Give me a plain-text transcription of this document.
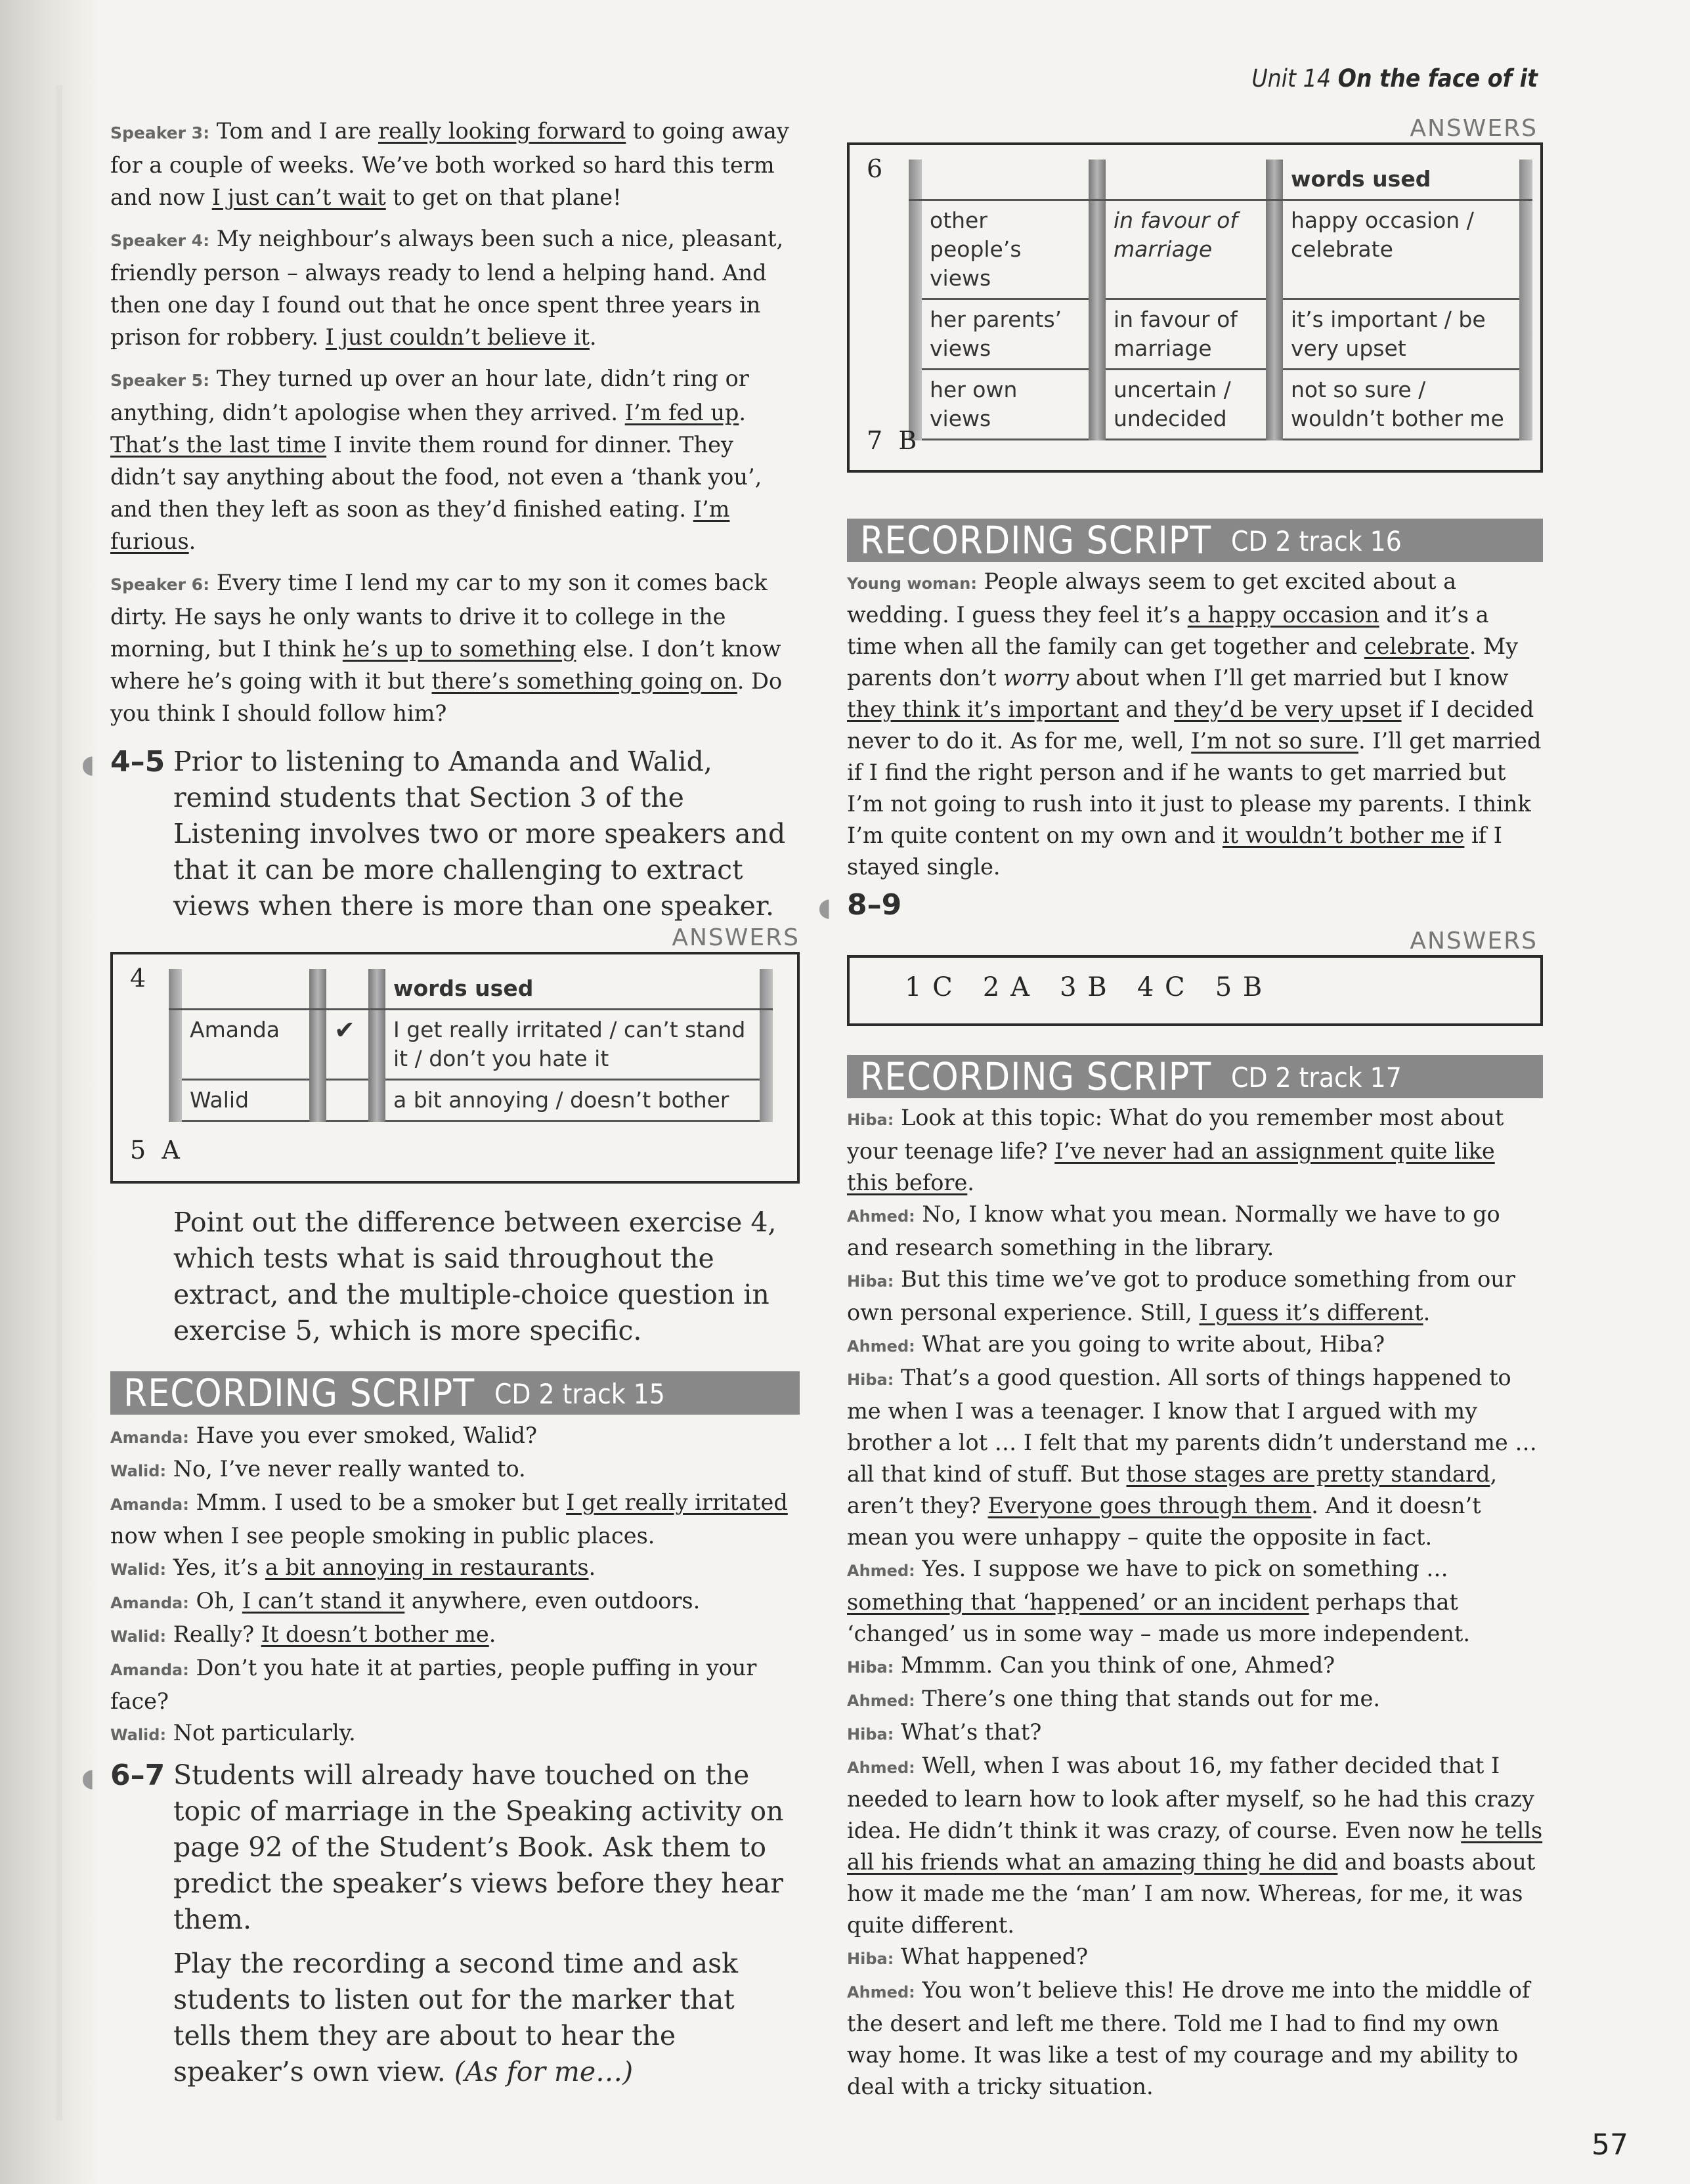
Unit 14 On the face of it

Speaker 3: Tom and I are really looking forward to going away for a couple of weeks. We’ve both worked so hard this term and now I just can’t wait to get on that plane!

Speaker 4: My neighbour’s always been such a nice, pleasant, friendly person – always ready to lend a helping hand. And then one day I found out that he once spent three years in prison for robbery. I just couldn’t believe it.

Speaker 5: They turned up over an hour late, didn’t ring or anything, didn’t apologise when they arrived. I’m fed up. That’s the last time I invite them round for dinner. They didn’t say anything about the food, not even a ‘thank you’, and then they left as soon as they’d finished eating. I’m furious.

Speaker 6: Every time I lend my car to my son it comes back dirty. He says he only wants to drive it to college in the morning, but I think he’s up to something else. I don’t know where he’s going with it but there’s something going on. Do you think I should follow him?

◖ 4–5 Prior to listening to Amanda and Walid, remind students that Section 3 of the Listening involves two or more speakers and that it can be more challenging to extract views when there is more than one speaker.
ANSWERS
4
						words used	
	Amanda		✔		I get really irritated / can’t stand it / don’t you hate it	
	Walid				a bit annoying / doesn’t bother	
5  A
Point out the difference between exercise 4, which tests what is said throughout the extract, and the multiple-choice question in exercise 5, which is more specific.
RECORDING SCRIPT CD 2 track 15

Amanda: Have you ever smoked, Walid?

Walid: No, I’ve never really wanted to.

Amanda: Mmm. I used to be a smoker but I get really irritated now when I see people smoking in public places.

Walid: Yes, it’s a bit annoying in restaurants.

Amanda: Oh, I can’t stand it anywhere, even outdoors.

Walid: Really? It doesn’t bother me.

Amanda: Don’t you hate it at parties, people puffing in your face?

Walid: Not particularly.

◖ 6–7 Students will already have touched on the topic of marriage in the Speaking activity on page 92 of the Student’s Book. Ask them to predict the speaker’s views before they hear them.
Play the recording a second time and ask students to listen out for the marker that tells them they are about to hear the speaker’s own view. (As for me…)
ANSWERS
6
						words used	
	other people’s views		in favour of marriage		happy occasion / celebrate	
	her parents’ views		in favour of marriage		it’s important / be very upset	
	her own views		uncertain / undecided		not so sure / wouldn’t bother me	
7  B
RECORDING SCRIPT CD 2 track 16

Young woman: People always seem to get excited about a wedding. I guess they feel it’s a happy occasion and it’s a time when all the family can get together and celebrate. My parents don’t worry about when I’ll get married but I know they think it’s important and they’d be very upset if I decided never to do it. As for me, well, I’m not so sure. I’ll get married if I find the right person and if he wants to get married but I’m not going to rush into it just to please my parents. I think I’m quite content on my own and it wouldn’t bother me if I stayed single.

◖ 8–9
ANSWERS
1 C   2 A   3 B   4 C   5 B
RECORDING SCRIPT CD 2 track 17

Hiba: Look at this topic: What do you remember most about your teenage life? I’ve never had an assignment quite like this before.

Ahmed: No, I know what you mean. Normally we have to go and research something in the library.

Hiba: But this time we’ve got to produce something from our own personal experience. Still, I guess it’s different.

Ahmed: What are you going to write about, Hiba?

Hiba: That’s a good question. All sorts of things happened to me when I was a teenager. I know that I argued with my brother a lot … I felt that my parents didn’t understand me … all that kind of stuff. But those stages are pretty standard, aren’t they? Everyone goes through them. And it doesn’t mean you were unhappy – quite the opposite in fact.

Ahmed: Yes. I suppose we have to pick on something … something that ‘happened’ or an incident perhaps that ‘changed’ us in some way – made us more independent.

Hiba: Mmmm. Can you think of one, Ahmed?

Ahmed: There’s one thing that stands out for me.

Hiba: What’s that?

Ahmed: Well, when I was about 16, my father decided that I needed to learn how to look after myself, so he had this crazy idea. He didn’t think it was crazy, of course. Even now he tells all his friends what an amazing thing he did and boasts about how it made me the ‘man’ I am now. Whereas, for me, it was quite different.

Hiba: What happened?

Ahmed: You won’t believe this! He drove me into the middle of the desert and left me there. Told me I had to find my own way home. It was like a test of my courage and my ability to deal with a tricky situation.

57
